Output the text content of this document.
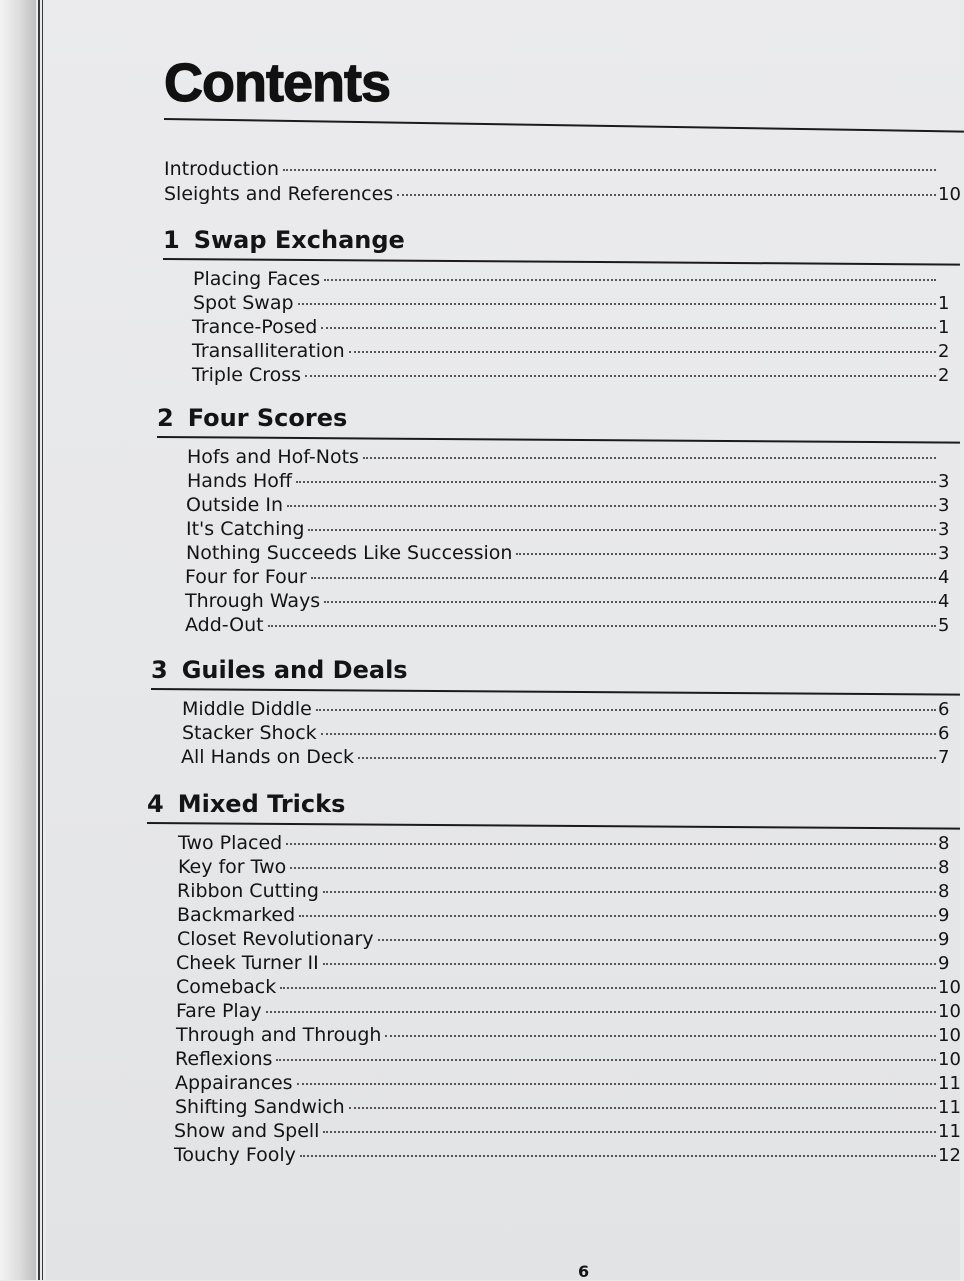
Contents
Introduction
Sleights and References	10
1 Swap Exchange
Placing Faces
Spot Swap	1
Trance-Posed	1
Transalliteration	2
Triple Cross	2
2 Four Scores
Hofs and Hof-Nots
Hands Hoff	3
Outside In	3
It's Catching	3
Nothing Succeeds Like Succession	3
Four for Four	4
Through Ways	4
Add-Out	5
3 Guiles and Deals
Middle Diddle	6
Stacker Shock	6
All Hands on Deck	7
4 Mixed Tricks
Two Placed	8
Key for Two	8
Ribbon Cutting	8
Backmarked	9
Closet Revolutionary	9
Cheek Turner II	9
Comeback	10
Fare Play	10
Through and Through	10
Reflexions	10
Appairances	11
Shifting Sandwich	11
Show and Spell	11
Touchy Fooly	12
6
